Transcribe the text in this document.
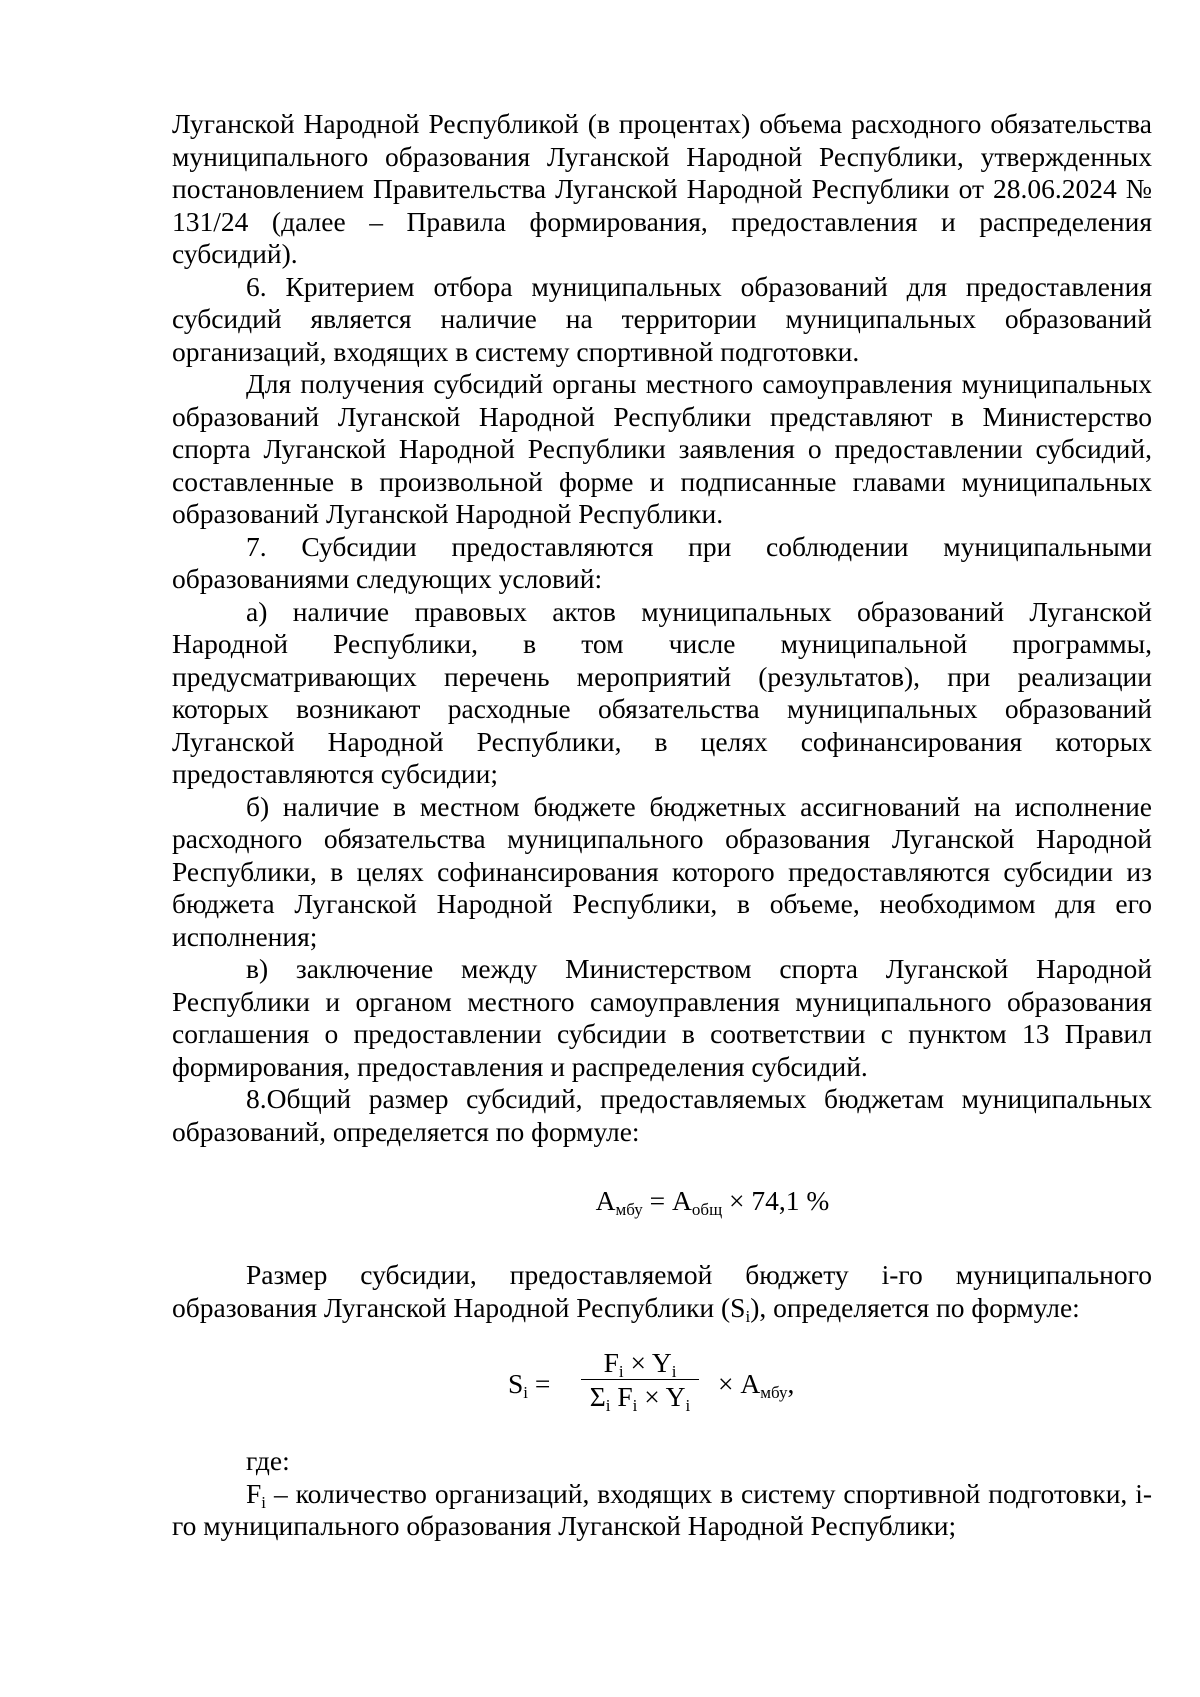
Луганской Народной Республикой (в процентах) объема расходного обязательства муниципального образования Луганской Народной Республики, утвержденных постановлением Правительства Луганской Народной Республики от 28.06.2024 № 131/24 (далее – Правила формирования, предоставления и распределения субсидий).

6. Критерием отбора муниципальных образований для предоставления субсидий является наличие на территории муниципальных образований организаций, входящих в систему спортивной подготовки.

Для получения субсидий органы местного самоуправления муниципальных образований Луганской Народной Республики представляют в Министерство спорта Луганской Народной Республики заявления о предоставлении субсидий, составленные в произвольной форме и подписанные главами муниципальных образований Луганской Народной Республики.

7. Субсидии предоставляются при соблюдении муниципальными образованиями следующих условий:

а) наличие правовых актов муниципальных образований Луганской Народной Республики, в том числе муниципальной программы, предусматривающих перечень мероприятий (результатов), при реализации которых возникают расходные обязательства муниципальных образований Луганской Народной Республики, в целях софинансирования которых предоставляются субсидии;

б) наличие в местном бюджете бюджетных ассигнований на исполнение расходного обязательства муниципального образования Луганской Народной Республики, в целях софинансирования которого предоставляются субсидии из бюджета Луганской Народной Республики, в объеме, необходимом для его исполнения;

в) заключение между Министерством спорта Луганской Народной Республики и органом местного самоуправления муниципального образования соглашения о предоставлении субсидии в соответствии с пунктом 13 Правил формирования, предоставления и распределения субсидий.

8.Общий размер субсидий, предоставляемых бюджетам муниципальных образований, определяется по формуле:

$А_{мбу} = А_{общ} \times 74,1$ %

Размер субсидии, предоставляемой бюджету i-го муниципального образования Луганской Народной Республики $(S_i)$, определяется по формуле:

$S_i$ =
$F_i \times Y_i$
$\Sigma_i$ $F_i \times Y_i$
× $А_{мбу}$,

где:

$F_i$ – количество организаций, входящих в систему спортивной подготовки, i-го муниципального образования Луганской Народной Республики;
